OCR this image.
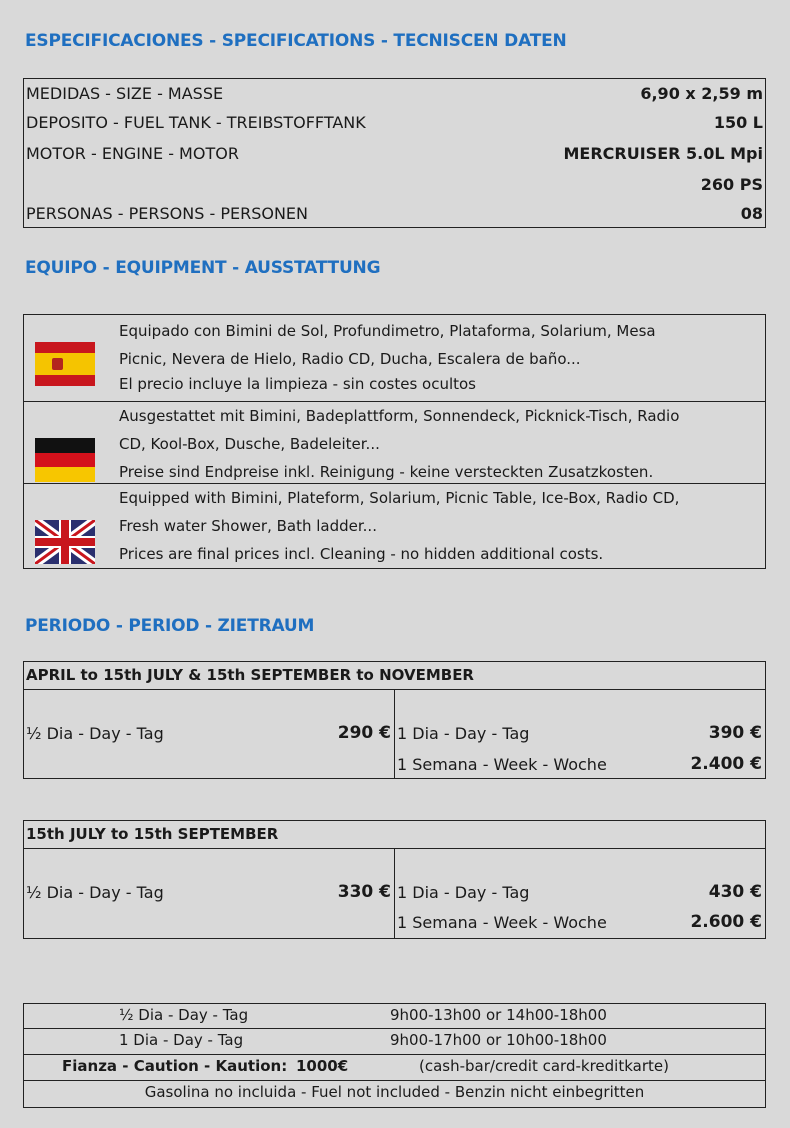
ESPECIFICACIONES - SPECIFICATIONS - TECNISCEN DATEN
MEDIDAS - SIZE - MASSE	6,90 x 2,59 m
DEPOSITO - FUEL TANK - TREIBSTOFFTANK	150 L
MOTOR - ENGINE - MOTOR	MERCRUISER 5.0L Mpi
260 PS
PERSONAS - PERSONS - PERSONEN	08
EQUIPO - EQUIPMENT - AUSSTATTUNG
Equipado con Bimini de Sol, Profundimetro, Plataforma, Solarium, Mesa
Picnic, Nevera de Hielo, Radio CD, Ducha, Escalera de baño...
El precio incluye la limpieza - sin costes ocultos
Ausgestattet mit Bimini, Badeplattform, Sonnendeck, Picknick-Tisch, Radio
CD, Kool-Box, Dusche, Badeleiter...
Preise sind Endpreise inkl. Reinigung - keine versteckten Zusatzkosten.
Equipped with Bimini, Plateform, Solarium, Picnic Table, Ice-Box, Radio CD,
Fresh water Shower, Bath ladder...
Prices are final prices incl. Cleaning - no hidden additional costs.
PERIODO - PERIOD - ZIETRAUM
APRIL to 15th JULY & 15th SEPTEMBER to NOVEMBER
½ Dia - Day - Tag	290 € 1 Dia - Day - Tag	390 €
1 Semana - Week - Woche	2.400 €
15th JULY to 15th SEPTEMBER
½ Dia - Day - Tag	330 € 1 Dia - Day - Tag	430 €
1 Semana - Week - Woche	2.600 €
½ Dia - Day - Tag	9h00-13h00 or 14h00-18h00
1 Dia - Day - Tag	9h00-17h00 or 10h00-18h00
Fianza - Caution - Kaution: 1000€	(cash-bar/credit card-kreditkarte)
Gasolina no incluida - Fuel not included - Benzin nicht einbegritten
